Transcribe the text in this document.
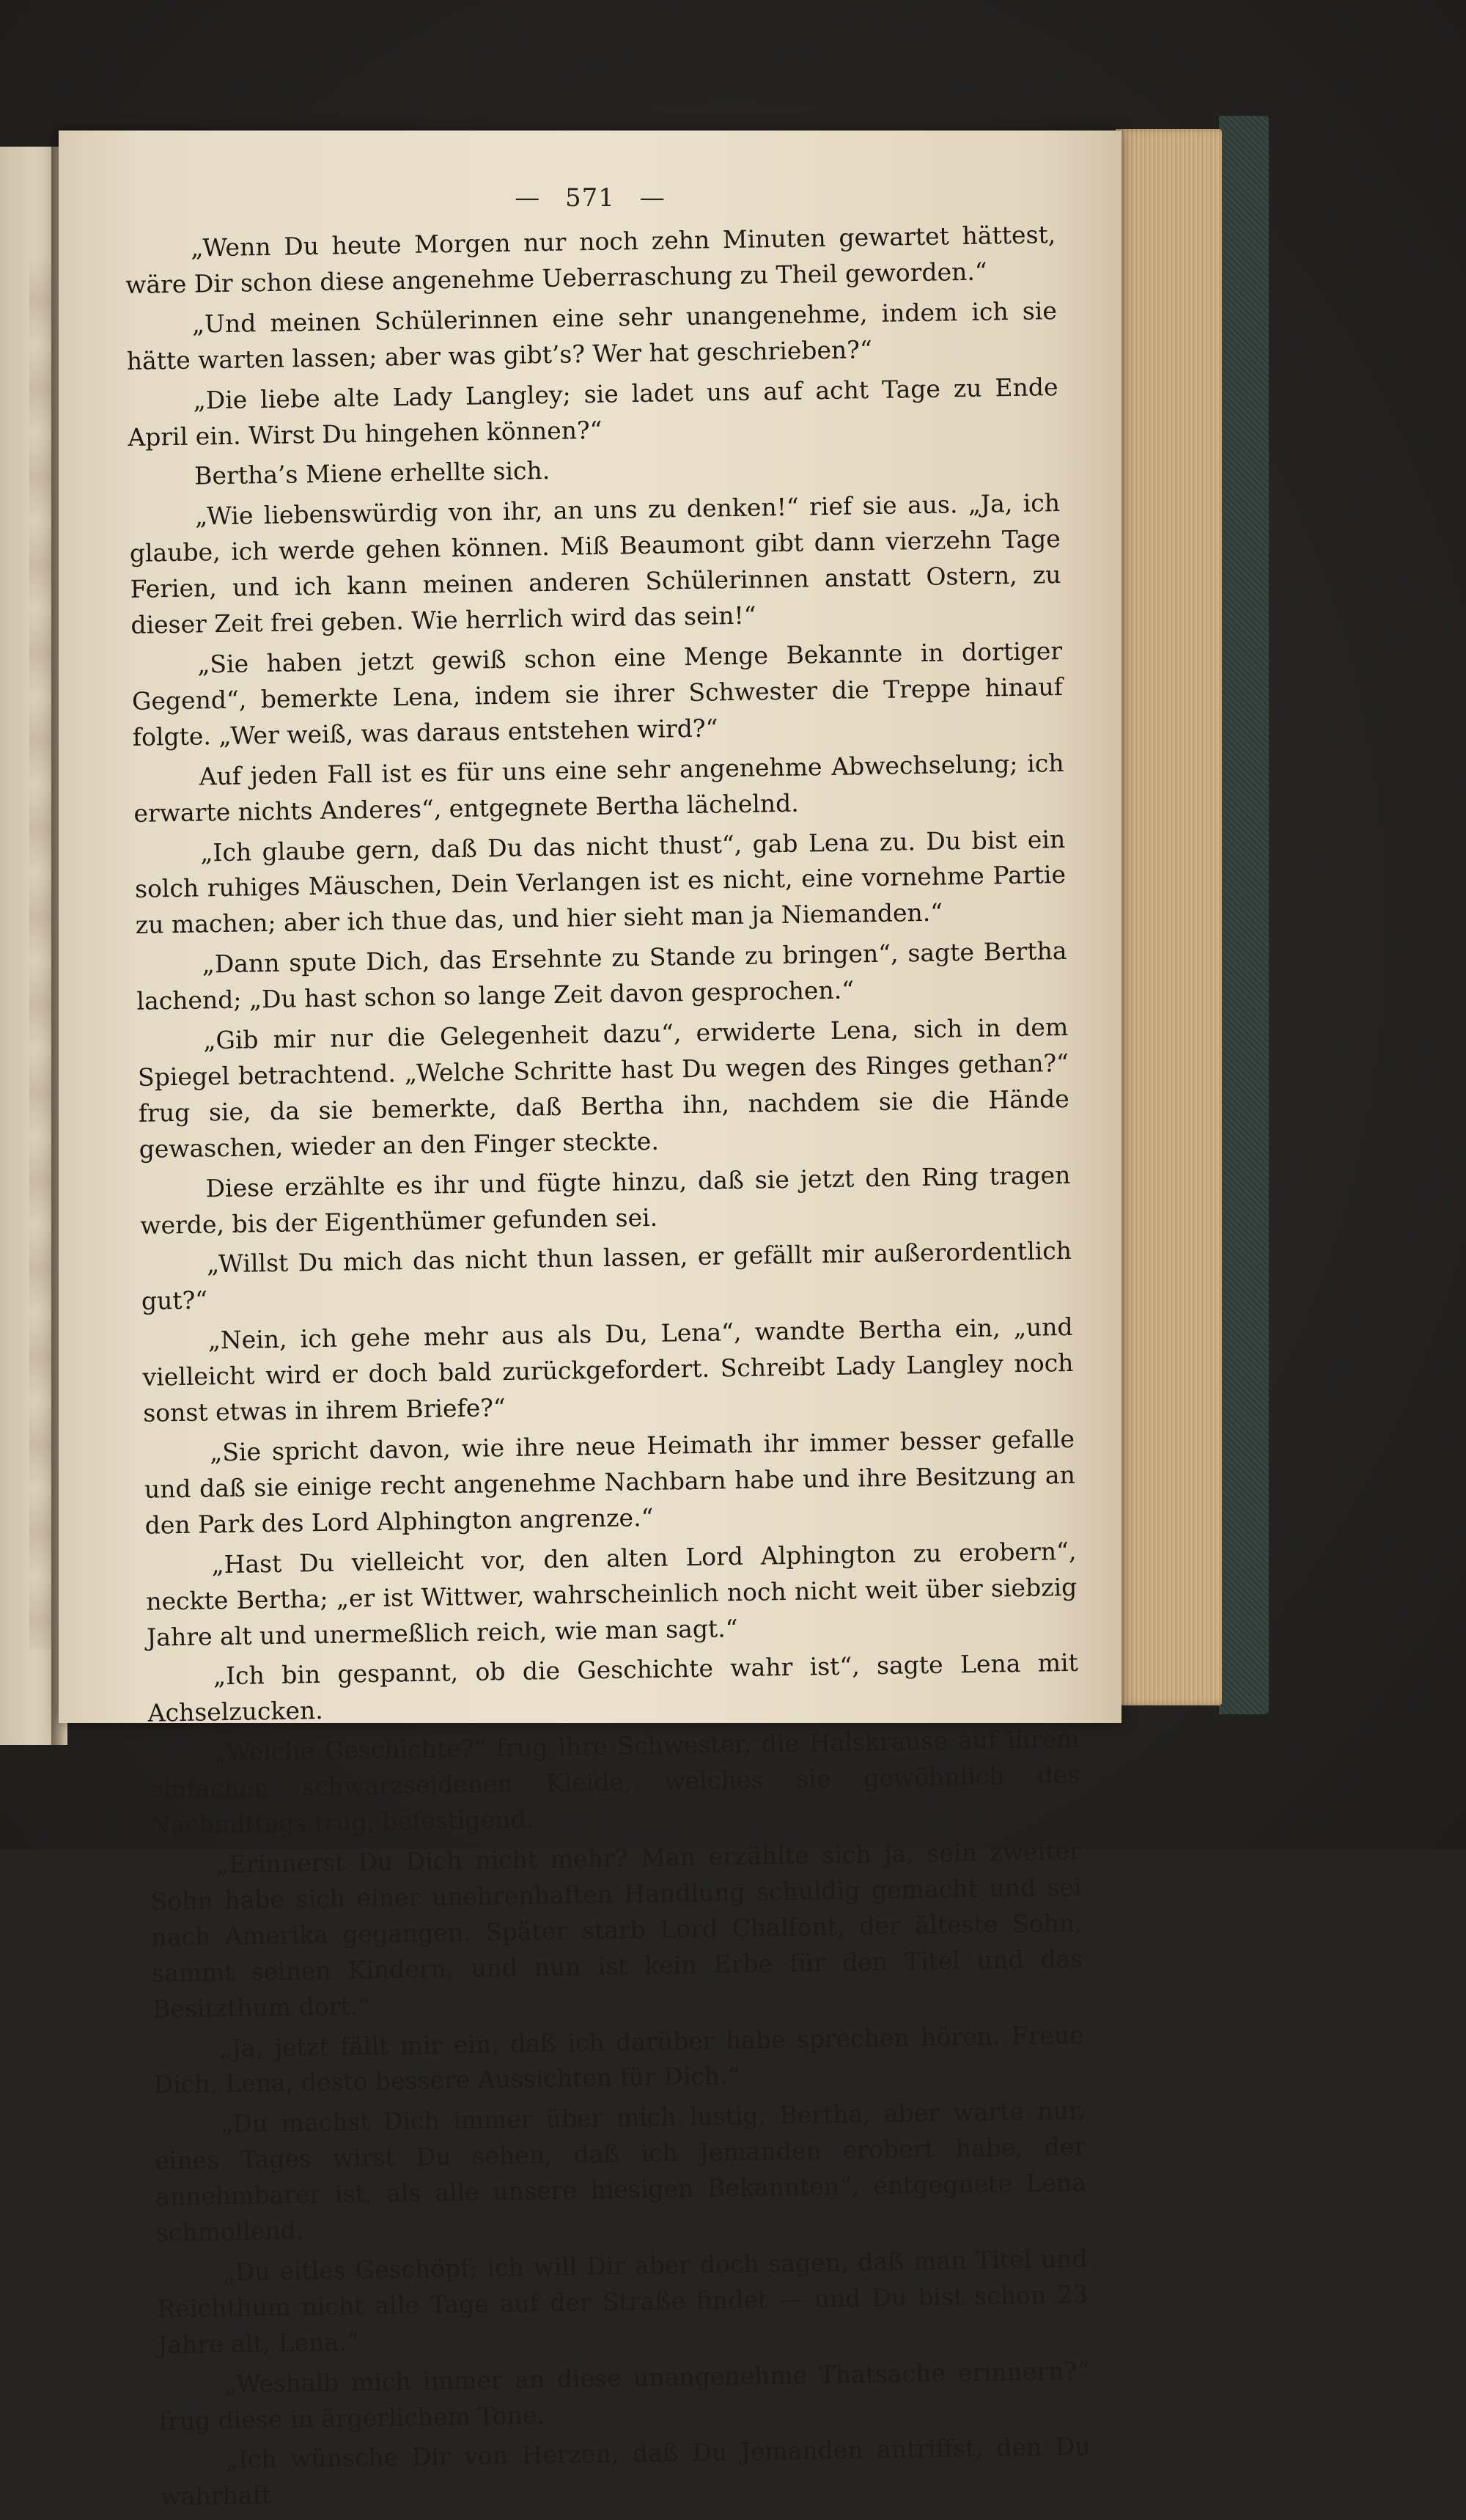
— 571 —

„Wenn Du heute Morgen nur noch zehn Minuten gewartet hättest, wäre Dir schon diese angenehme Ueberraschung zu Theil geworden.“

„Und meinen Schülerinnen eine sehr unangenehme, indem ich sie hätte warten lassen; aber was gibt’s? Wer hat geschrieben?“

„Die liebe alte Lady Langley; sie ladet uns auf acht Tage zu Ende April ein. Wirst Du hingehen können?“

Bertha’s Miene erhellte sich.

„Wie liebenswürdig von ihr, an uns zu denken!“ rief sie aus. „Ja, ich glaube, ich werde gehen können. Miß Beaumont gibt dann vierzehn Tage Ferien, und ich kann meinen anderen Schülerinnen anstatt Ostern, zu dieser Zeit frei geben. Wie herrlich wird das sein!“

„Sie haben jetzt gewiß schon eine Menge Bekannte in dortiger Gegend“, bemerkte Lena, indem sie ihrer Schwester die Treppe hinauf folgte. „Wer weiß, was daraus entstehen wird?“

Auf jeden Fall ist es für uns eine sehr angenehme Abwechselung; ich erwarte nichts Anderes“, entgegnete Bertha lächelnd.

„Ich glaube gern, daß Du das nicht thust“, gab Lena zu. Du bist ein solch ruhiges Mäuschen, Dein Verlangen ist es nicht, eine vornehme Partie zu machen; aber ich thue das, und hier sieht man ja Niemanden.“

„Dann spute Dich, das Ersehnte zu Stande zu bringen“, sagte Bertha lachend; „Du hast schon so lange Zeit davon gesprochen.“

„Gib mir nur die Gelegenheit dazu“, erwiderte Lena, sich in dem Spiegel betrachtend. „Welche Schritte hast Du wegen des Ringes gethan?“ frug sie, da sie bemerkte, daß Bertha ihn, nachdem sie die Hände gewaschen, wieder an den Finger steckte.

Diese erzählte es ihr und fügte hinzu, daß sie jetzt den Ring tragen werde, bis der Eigenthümer gefunden sei.

„Willst Du mich das nicht thun lassen, er gefällt mir außerordentlich gut?“

„Nein, ich gehe mehr aus als Du, Lena“, wandte Bertha ein, „und vielleicht wird er doch bald zurückgefordert. Schreibt Lady Langley noch sonst etwas in ihrem Briefe?“

„Sie spricht davon, wie ihre neue Heimath ihr immer besser gefalle und daß sie einige recht angenehme Nachbarn habe und ihre Besitzung an den Park des Lord Alphington angrenze.“

„Hast Du vielleicht vor, den alten Lord Alphington zu erobern“, neckte Bertha; „er ist Wittwer, wahrscheinlich noch nicht weit über siebzig Jahre alt und unermeßlich reich, wie man sagt.“

„Ich bin gespannt, ob die Geschichte wahr ist“, sagte Lena mit Achselzucken.

„Welche Geschichte?“ frug ihre Schwester, die Halskrause auf ihrem einfachen schwarzseidenen Kleide, welches sie gewöhnlich des Nachmittags trug, befestigend.

„Erinnerst Du Dich nicht mehr? Man erzählte sich ja, sein zweiter Sohn habe sich einer unehrenhaften Handlung schuldig gemacht und sei nach Amerika gegangen. Später starb Lord Chalfont, der älteste Sohn, sammt seinen Kindern, und nun ist kein Erbe für den Titel und das Besitzthum dort.“

„Ja, jetzt fällt mir ein, daß ich darüber habe sprechen hören. Freue Dich, Lena, desto bessere Aussichten für Dich.“

„Du machst Dich immer über mich lustig, Bertha, aber warte nur, eines Tages wirst Du sehen, daß ich Jemanden erobert habe, der annehmbarer ist, als alle unsere hiesigen Bekannten“, entgegnete Lena schmollend.

„Du eitles Geschöpf; ich will Dir aber doch sagen, daß man Titel und Reichthum nicht alle Tage auf der Straße findet — und Du bist schon 23 Jahre alt, Lena.“

„Weshalb mich immer an diese unangenehme Thatsache erinnern?“ frug diese in ärgerlichem Tone.

„Ich wünsche Dir von Herzen, daß Du Jemanden antriffst, den Du wahrhaft
